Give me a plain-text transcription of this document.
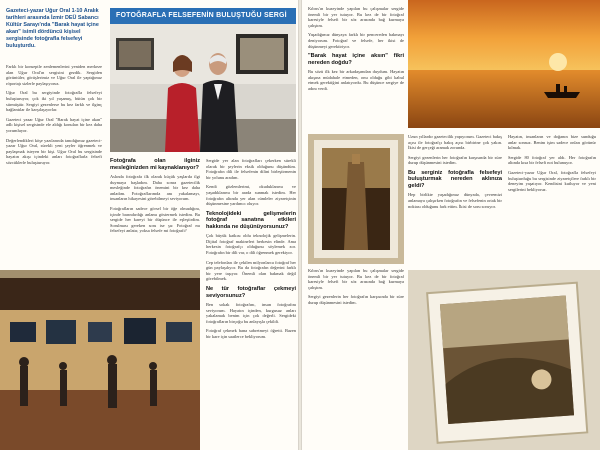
Gazeteci-yazar Uğur Oral 1-10 Aralık tarihleri arasında İzmir DEÜ Sabancı Kültür Sarayı'nda "Barak hayat içine akan" isimli dördüncü kişisel sergisinde fotoğrafla felsefeyi buluşturdu.
FOTOĞRAFLA FELSEFENİN BULUŞTUĞU SERGİ

Farklı bir konseptle zenlemenlerini yeniden merkeze alan Uğur Oral'ın sergisini gezdik. Sergiden görüntüler, görüşlerimiz ve Uğur Oral ile yaptığımız röportajı sizlerle paylaşıyoruz.

Uğur Oral bu sergiyinde fotoğrafla felsefeyi buluşturuyor, çok iki yıl yaşamış, bütün çok bir sürmüştür. Sergiyi gezenlerse bu kez farklı ve ilginç bağlantılar ile karşılaşıyorlar.

Gazeteci yazar Uğur Oral "Barak hayat içine akan" adlı kişisel sergisinde ele aldığı konuları bir kez daha yorumluyor.

Değerlendikleri köşe yazılarında tanıdığımız gazeteci-yazar Uğur Oral, sürekli yeni şeyler öğrenmek ve paylaşmak isteyen bir kişi. Uğur Oral bu sergisinde hayatın akışı içindeki anları fotoğraflarla felsefi sözcüklerle buluşturuyor.	Fotoğrafa olan ilginiz mesleğinizden mi kaynaklanıyor?

Aslında fotoğrafa ilk olarak küçük yaşlarda ilgi duymaya başladım. Daha sonra gazetecilik mesleğinde fotoğrafın önemini bir kez daha anladım. Fotoğraflarımda anı yakalamayı, insanların hikayesini görebilmeyi seviyorum.

Fotoğrafların sadece görsel bir öğe olmadığını, içinde barındırdığı anlamı göstermek istedim. Bu sergide her kareyi bir düşünce ile eşleştirdim. Sorulması gereken soru ise şu: Fotoğraf mı felsefeyi anlatır, yoksa felsefe mi fotoğrafı?

Sergide yer alan fotoğrafları çekerken sürekli olarak bir şeylerin eksik olduğunu düşündüm. Fotoğrafın dili ile felsefenin dilini birleştirmenin bir yolunu aradım.

Kendi gözlemlerimi, okuduklarımı ve yaşadıklarımı bir arada sunmak istedim. Her fotoğrafın altında yer alan cümleler ziyaretçinin düşünmesine yardımcı oluyor.

Teknolojideki gelişmelerin fotoğraf sanatına etkileri hakkında ne düşünüyorsunuz?

Çok büyük katkısı oldu teknolojik gelişmelerin. Dijital fotoğraf makineleri herkesin elinde. Ama herkesin fotoğrafçı olduğunu söylemek zor. Fotoğrafın bir dili var, o dili öğrenmek gerekiyor.

Cep telefonları ile çekilen milyonlarca fotoğraf her gün paylaşılıyor. Bu da fotoğrafın değerini farklı bir yere taşıyor. Önemli olan bakmak değil görebilmek.

Ne tür fotoğraflar çekmeyi seviyorsunuz?

Ben sokak fotoğrafını, insan fotoğrafını seviyorum. Hayatın içinden, kurgusuz anları yakalamak benim için çok değerli. Sergideki fotoğrafların birçoğu bu anlayışla çekildi.

Fotoğraf çekmek bana sabretmeyi öğretti. Bazen bir kare için saatlerce bekliyorum.

Kıbrıs'ın kuzeyinde yapılan bu çalışmalar sergide önemli bir yer tutuyor. Bu kez de bir fotoğraf karesiyle felsefi bir söz arasında bağ kurmaya çalıştım.

Yaşadığımız dünyaya farklı bir pencereden bakmayı deniyorum. Fotoğraf ve felsefe, her ikisi de düşünmeyi gerektiriyor.

"Barak hayat içine aksın" fikri nereden doğdu?

Bu sözü ilk kez bir arkadaşımdan duydum. Hayatın akışına müdahale etmeden, onu olduğu gibi kabul etmek gerektiğini anlatıyordu. Bu düşünce sergiye de adını verdi.

Uzun yıllardır gazetecilik yapıyorum. Gazeteci bakış açısı ile fotoğrafçı bakış açısı birbirine çok yakın. İkisi de gerçeği aramak zorunda.

Sergiyi gezenlerin her fotoğrafın karşısında bir süre durup düşünmesini istedim.

Bu serginiz fotoğrafla felsefeyi buluşturmak nereden aklınıza geldi?

Hep birlikte yaşadığımız dünyada, çevremizi anlamaya çalışırken fotoğrafın ve felsefenin ortak bir noktası olduğunu fark ettim. İkisi de soru soruyor.

Hayatın, insanların ve doğanın bize sunduğu anlar sonsuz. Benim işim sadece onları görünür kılmak.

Sergide 80 fotoğraf yer aldı. Her fotoğrafın altında kısa bir felsefi not bulunuyor.

Gazeteci-yazar Uğur Oral, fotoğrafla felsefeyi buluşturduğu bu sergisinde ziyaretçilere farklı bir deneyim yaşatıyor. Kendisini kutluyor ve yeni sergilerini bekliyoruz.

Kıbrıs'ın kuzeyinde yapılan bu çalışmalar sergide önemli bir yer tutuyor. Bu kez de bir fotoğraf karesiyle felsefi bir söz arasında bağ kurmaya çalıştım.

Sergiyi gezenlerin her fotoğrafın karşısında bir süre durup düşünmesini istedim.
